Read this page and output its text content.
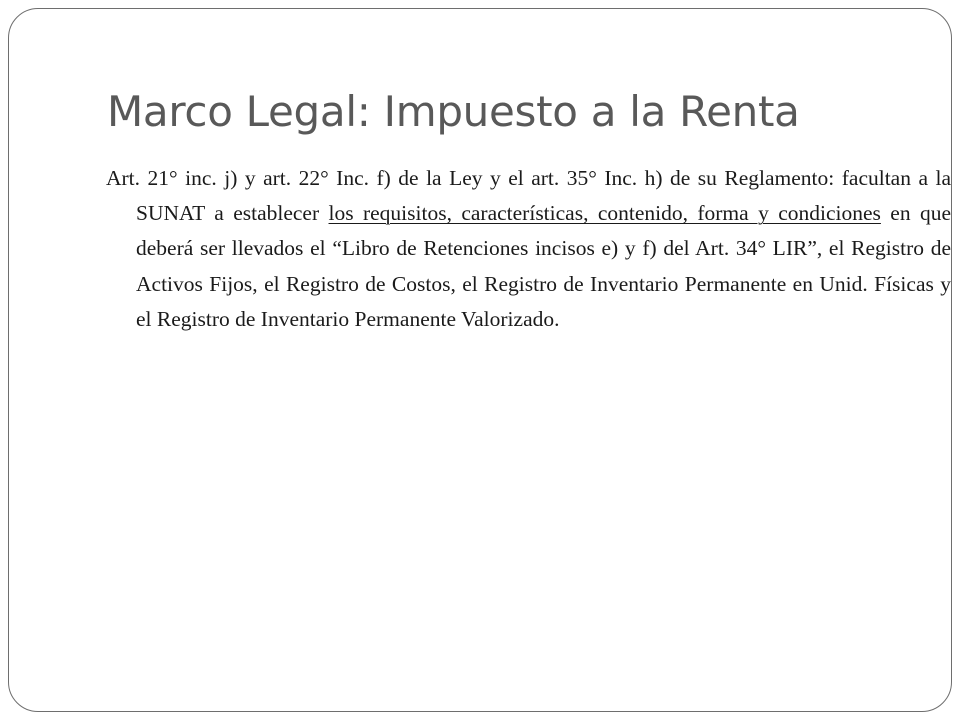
Marco Legal: Impuesto a la Renta

Art. 21° inc. j) y art. 22° Inc. f) de la Ley y el art. 35° Inc. h) de su Reglamento: facultan a la SUNAT a establecer los requisitos, características, contenido, forma y condiciones en que deberá ser llevados el “Libro de Retenciones incisos e) y f) del Art. 34° LIR”, el Registro de Activos Fijos, el Registro de Costos, el Registro de Inventario Permanente en Unid. Físicas y el Registro de Inventario Permanente Valorizado.
